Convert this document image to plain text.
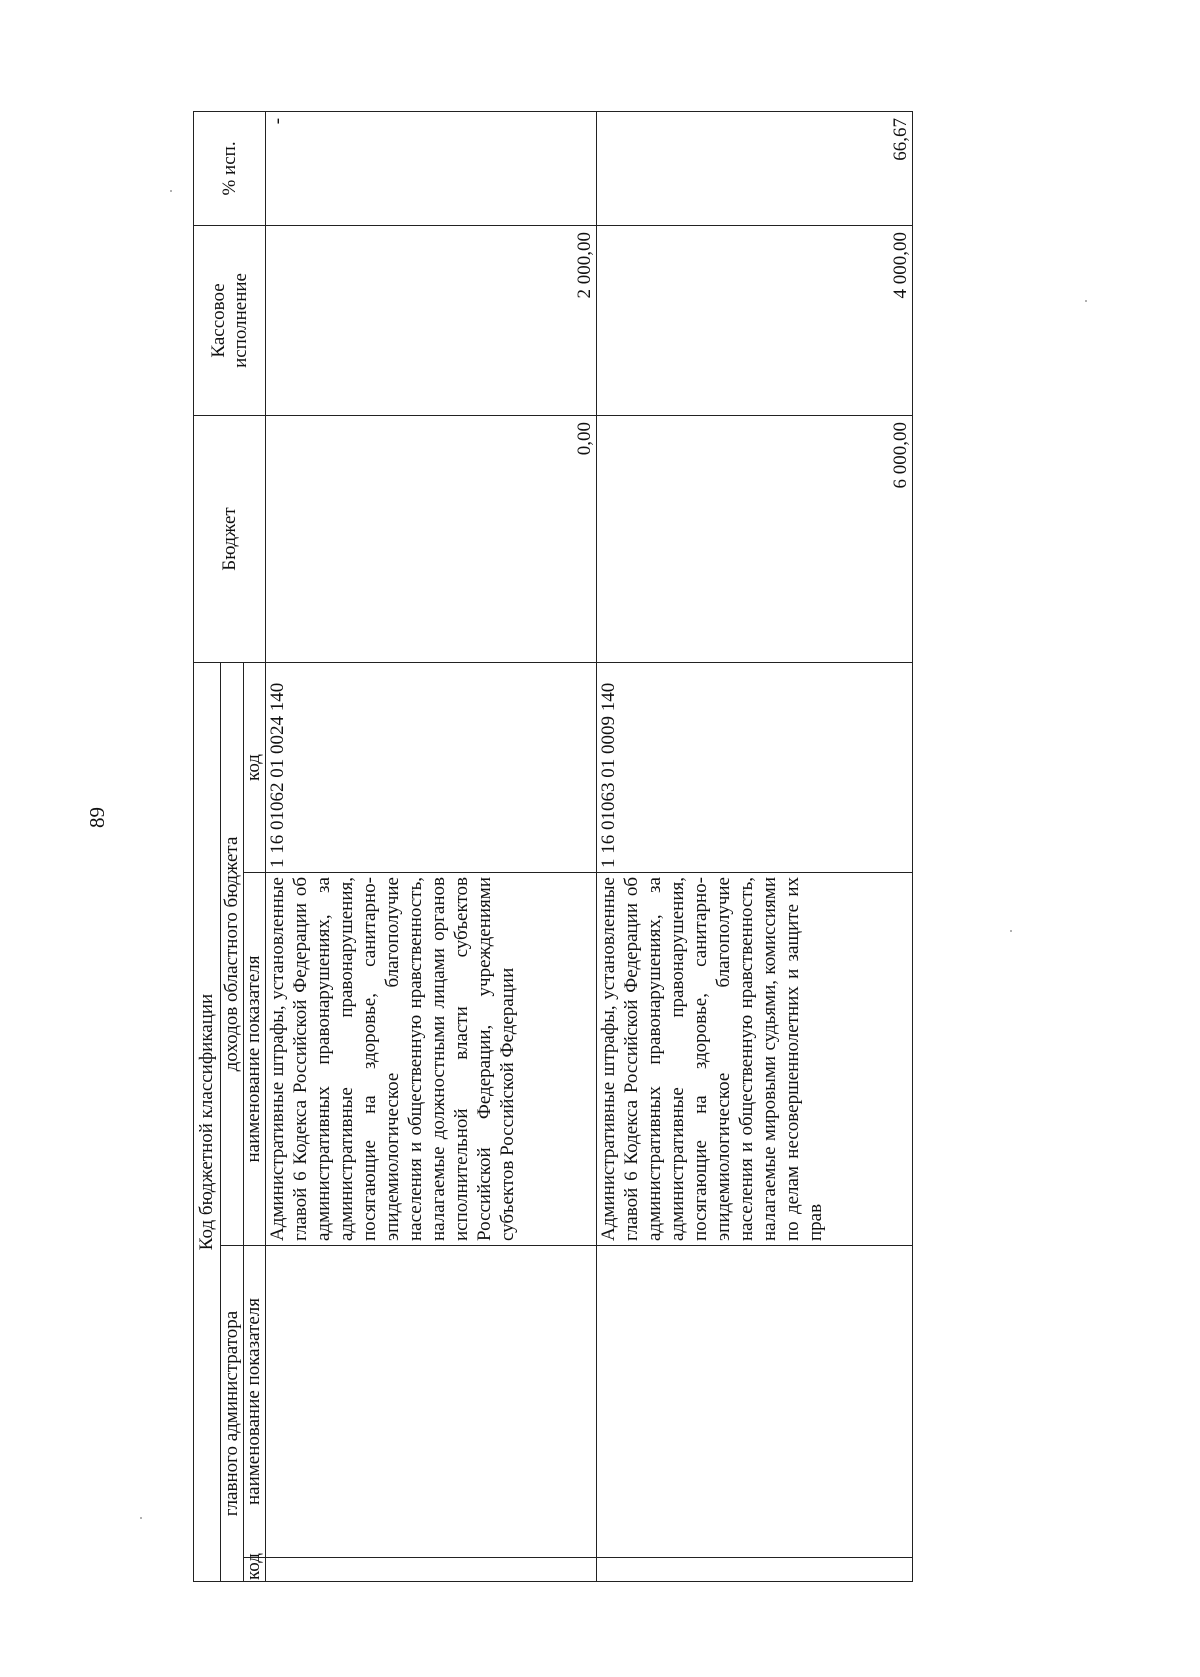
89
Код бюджетной классификации				Бюджет	Кассовое исполнение	% исп.
главного администратора		доходов областного бюджета				
код	наименование показателя	наименование показателя	код			
		Административные штрафы, установленные главой 6 Кодекса Российской Федерации об административных правонарушениях, за административные правонарушения, посягающие на здоровье, санитарно-эпидемиологическое благополучие населения и общественную нравственность, налагаемые должностными лицами органов исполнительной власти субъектов Российской Федерации, учреждениями субъектов Российской Федерации	1 16 01062 01 0024 140	0,00	2 000,00	-
		Административные штрафы, установленные главой 6 Кодекса Российской Федерации об административных правонарушениях, за административные правонарушения, посягающие на здоровье, санитарно-эпидемиологическое благополучие населения и общественную нравственность, налагаемые мировыми судьями, комиссиями по делам несовершеннолетних и защите их прав	1 16 01063 01 0009 140	6 000,00	4 000,00	66,67
